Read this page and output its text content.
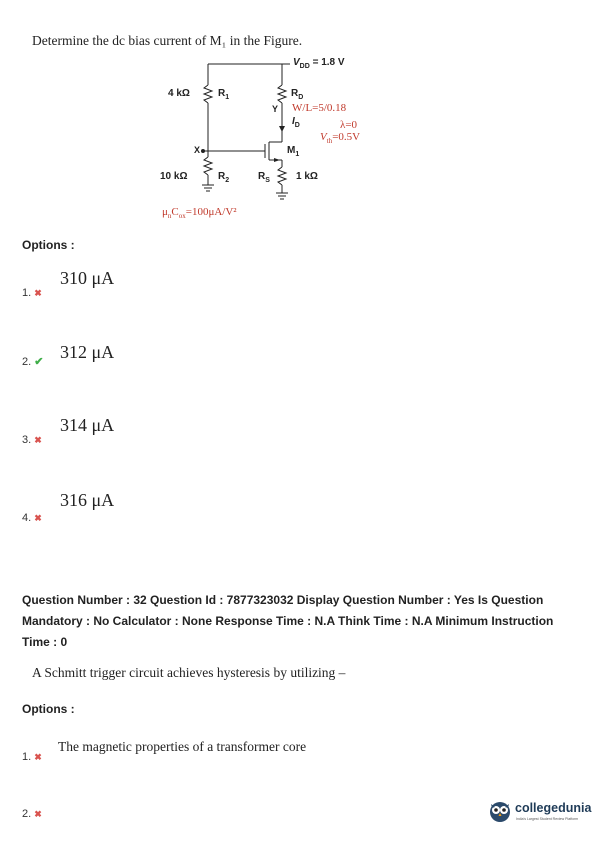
Determine the dc bias current of M₁ in the Figure.
$V_{DD} = 1.8$ V
4 kΩ	$R_1$	$R_D$
Y W/L=5/0.18
$I_D$	λ=0
$V_{th}=0.5V$
X	$M_1$
10 kΩ	$R_2$	$R_S$	1 kΩ
$\mu_nC_{ox}=100\mu A/V^2$
Options :
310 μA
1. ✖
312 μA
2. ✔
314 μA
3. ✖
316 μA
4. ✖
Question Number : 32 Question Id : 7877323032 Display Question Number : Yes Is Question
Mandatory : No Calculator : None Response Time : N.A Think Time : N.A Minimum Instruction
Time : 0
A Schmitt trigger circuit achieves hysteresis by utilizing –
Options :
The magnetic properties of a transformer core
1. ✖
2. ✖	collegedunia
India's Largest Student Review Platform
